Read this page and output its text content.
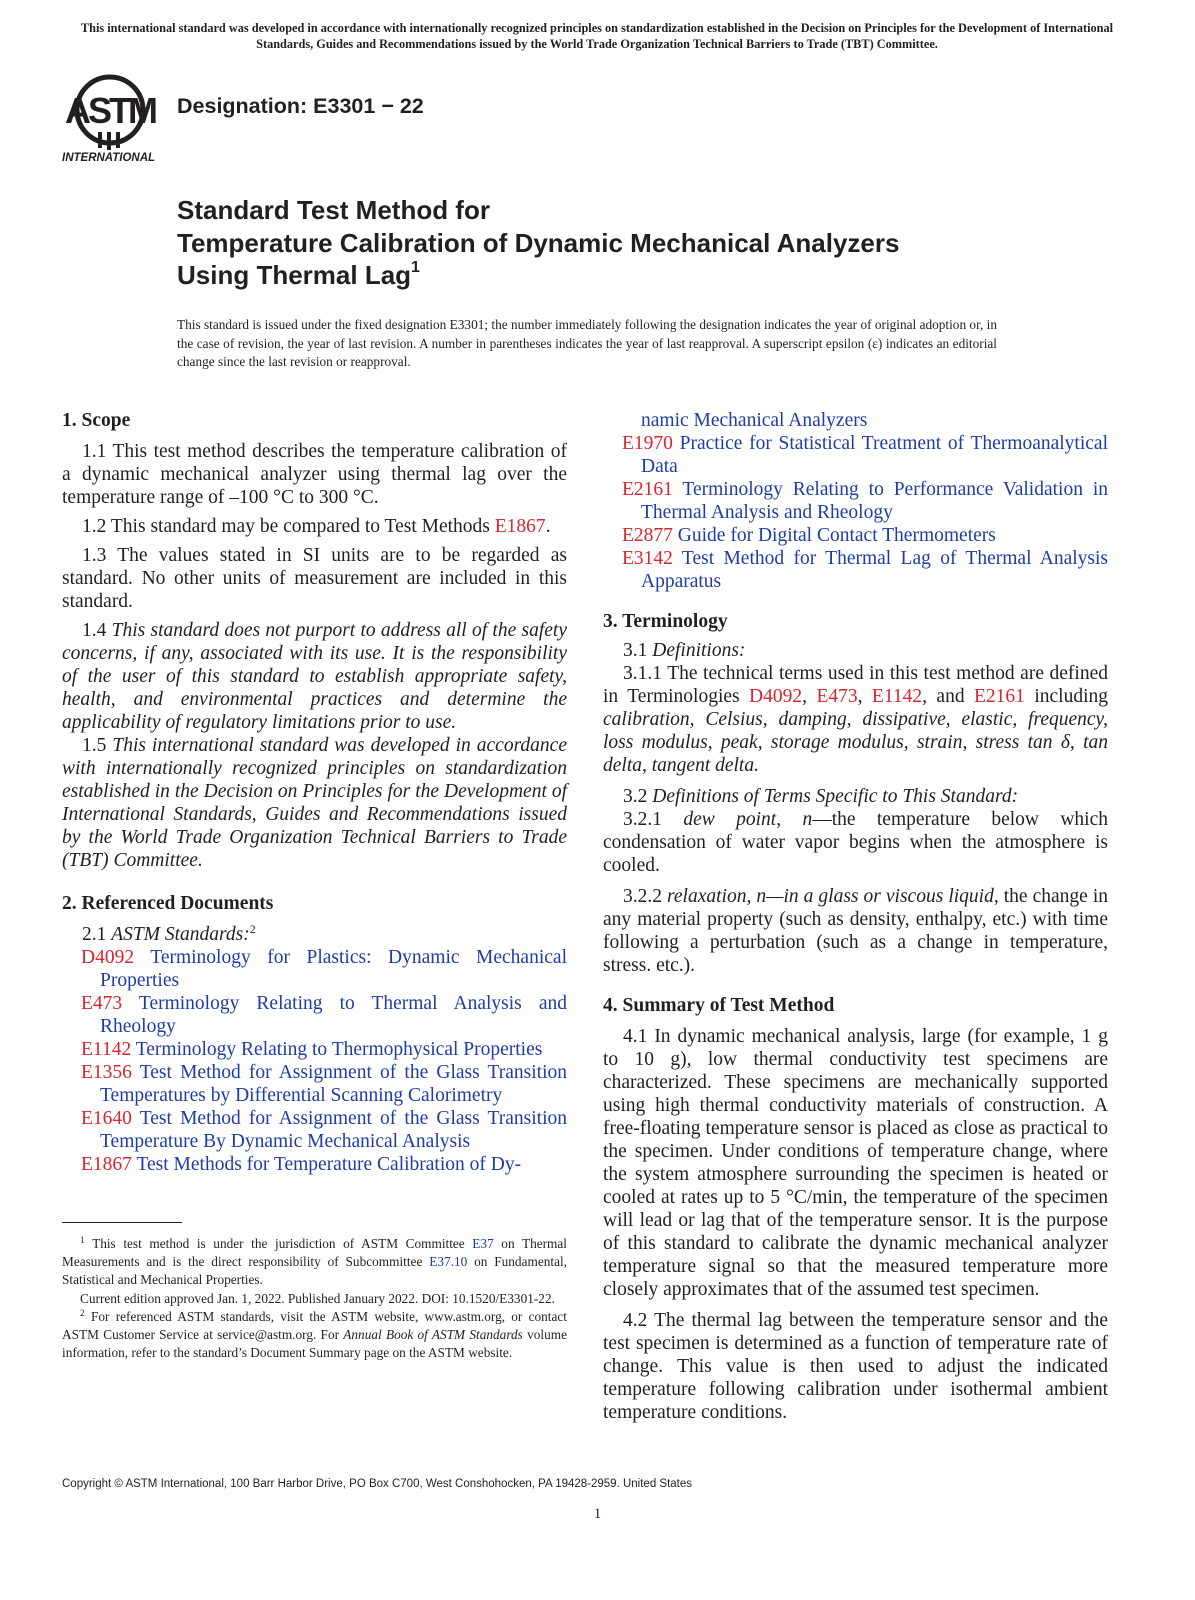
This international standard was developed in accordance with internationally recognized principles on standardization established in the Decision on Principles for the Development of International Standards, Guides and Recommendations issued by the World Trade Organization Technical Barriers to Trade (TBT) Committee.
ASTM
INTERNATIONAL
Designation: E3301 − 22
Standard Test Method for
Temperature Calibration of Dynamic Mechanical Analyzers
Using Thermal Lag$^1$
This standard is issued under the fixed designation E3301; the number immediately following the designation indicates the year of original adoption or, in the case of revision, the year of last revision. A number in parentheses indicates the year of last reapproval. A superscript epsilon (ε) indicates an editorial change since the last revision or reapproval.

1. Scope

1.1 This test method describes the temperature calibration of a dynamic mechanical analyzer using thermal lag over the temperature range of –100 °C to 300 °C.

1.2 This standard may be compared to Test Methods E1867.

1.3 The values stated in SI units are to be regarded as standard. No other units of measurement are included in this standard.

1.4 This standard does not purport to address all of the safety concerns, if any, associated with its use. It is the responsibility of the user of this standard to establish appropriate safety, health, and environmental practices and determine the applicability of regulatory limitations prior to use.

1.5 This international standard was developed in accordance with internationally recognized principles on standardization established in the Decision on Principles for the Development of International Standards, Guides and Recommendations issued by the World Trade Organization Technical Barriers to Trade (TBT) Committee.

2. Referenced Documents

2.1 ASTM Standards:$^2$

D4092 Terminology for Plastics: Dynamic Mechanical Properties

E473 Terminology Relating to Thermal Analysis and Rheology

E1142 Terminology Relating to Thermophysical Properties

E1356 Test Method for Assignment of the Glass Transition Temperatures by Differential Scanning Calorimetry

E1640 Test Method for Assignment of the Glass Transition Temperature By Dynamic Mechanical Analysis

E1867 Test Methods for Temperature Calibration of Dy-

namic Mechanical Analyzers

E1970 Practice for Statistical Treatment of Thermoanalytical Data

E2161 Terminology Relating to Performance Validation in Thermal Analysis and Rheology

E2877 Guide for Digital Contact Thermometers

E3142 Test Method for Thermal Lag of Thermal Analysis Apparatus

3. Terminology

3.1 Definitions:

3.1.1 The technical terms used in this test method are defined in Terminologies D4092, E473, E1142, and E2161 including calibration, Celsius, damping, dissipative, elastic, frequency, loss modulus, peak, storage modulus, strain, stress tan δ, tan delta, tangent delta.

3.2 Definitions of Terms Specific to This Standard:

3.2.1 dew point, n—the temperature below which condensation of water vapor begins when the atmosphere is cooled.

3.2.2 relaxation, n—in a glass or viscous liquid, the change in any material property (such as density, enthalpy, etc.) with time following a perturbation (such as a change in temperature, stress. etc.).

4. Summary of Test Method

4.1 In dynamic mechanical analysis, large (for example, 1 g to 10 g), low thermal conductivity test specimens are characterized. These specimens are mechanically supported using high thermal conductivity materials of construction. A free-floating temperature sensor is placed as close as practical to the specimen. Under conditions of temperature change, where the system atmosphere surrounding the specimen is heated or cooled at rates up to 5 °C/min, the temperature of the specimen will lead or lag that of the temperature sensor. It is the purpose of this standard to calibrate the dynamic mechanical analyzer temperature signal so that the measured temperature more closely approximates that of the assumed test specimen.

4.2 The thermal lag between the temperature sensor and the test specimen is determined as a function of temperature rate of change. This value is then used to adjust the indicated temperature following calibration under isothermal ambient temperature conditions.

$^1$ This test method is under the jurisdiction of ASTM Committee E37 on Thermal Measurements and is the direct responsibility of Subcommittee E37.10 on Fundamental, Statistical and Mechanical Properties.

Current edition approved Jan. 1, 2022. Published January 2022. DOI: 10.1520/E3301-22.

$^2$ For referenced ASTM standards, visit the ASTM website, www.astm.org, or contact ASTM Customer Service at service@astm.org. For Annual Book of ASTM Standards volume information, refer to the standard’s Document Summary page on the ASTM website.

Copyright © ASTM International, 100 Barr Harbor Drive, PO Box C700, West Conshohocken, PA 19428-2959. United States
1
